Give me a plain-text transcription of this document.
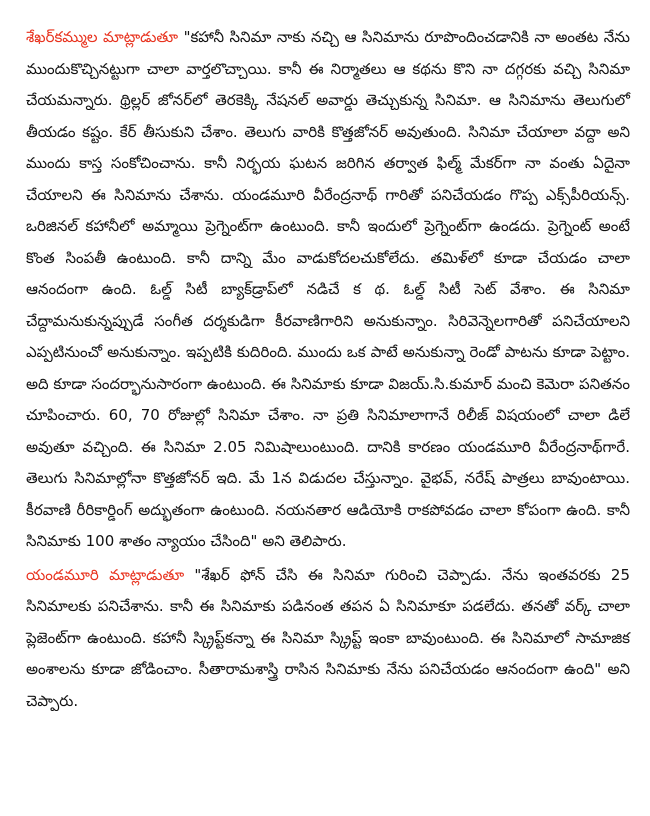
శేఖర్‌కమ్ముల మాట్లాడుతూ "కహానీ సినిమా నాకు నచ్చి ఆ సినిమాను రూపొందించడానికి నా అంతట నేను ముందుకొచ్చినట్టుగా చాలా వార్తలొచ్చాయి. కానీ ఈ నిర్మాతలు ఆ కథను కొని నా దగ్గరకు వచ్చి సినిమా చేయమన్నారు. థ్రిల్లర్ జోనర్‌లో తెరకెక్కి నేషనల్ అవార్డు తెచ్చుకున్న సినిమా. ఆ సినిమాను తెలుగులో తీయడం కష్టం. కేర్ తీసుకుని చేశాం. తెలుగు వారికి కొత్తజోనర్ అవుతుంది. సినిమా చేయాలా వద్దా అని ముందు కాస్త సంకోచించాను. కానీ నిర్భయ ఘటన జరిగిన తర్వాత ఫిల్మ్ మేకర్‌గా నా వంతు ఏదైనా చేయాలని ఈ సినిమాను చేశాను. యండమూరి వీరేంద్రనాథ్ గారితో పనిచేయడం గొప్ప ఎక్స్‌పీరియన్స్. ఒరిజినల్ కహానీలో అమ్మాయి ప్రెగ్నెంట్‌గా ఉంటుంది. కానీ ఇందులో ప్రెగ్నెంట్‌గా ఉండదు. ప్రెగ్నెంట్ అంటే కొంత సింపతీ ఉంటుంది. కానీ దాన్ని మేం వాడుకోదలచుకోలేదు. తమిళ్‌లో కూడా చేయడం చాలా ఆనందంగా ఉంది. ఓల్డ్ సిటీ బ్యాక్‌డ్రాప్‌లో నడిచే క థ. ఓల్డ్ సిటీ సెట్ వేశాం. ఈ సినిమా చేద్దామనుకున్నప్పుడే సంగీత దర్శకుడిగా కీరవాణిగారిని అనుకున్నాం. సిరివెన్నెలగారితో పనిచేయాలని ఎప్పటినుంచో అనుకున్నాం. ఇప్పటికి కుదిరింది. ముందు ఒక పాటే అనుకున్నా రెండో పాటను కూడా పెట్టాం. అది కూడా సందర్భానుసారంగా ఉంటుంది. ఈ సినిమాకు కూడా విజయ్.సి.కుమార్ మంచి కెమెరా పనితనం చూపించారు. 60, 70 రోజుల్లో సినిమా చేశాం. నా ప్రతి సినిమాలాగానే రిలీజ్ విషయంలో చాలా డిలే అవుతూ వచ్చింది. ఈ సినిమా 2.05 నిమిషాలుంటుంది. దానికి కారణం యండమూరి వీరేంద్రనాథ్‌గారే. తెలుగు సినిమాల్లోనా కొత్తజోనర్ ఇది. మే 1న విడుదల చేస్తున్నాం. వైభవ్, నరేష్ పాత్రలు బావుంటాయి. కీరవాణి రీరికార్డింగ్ అద్భుతంగా ఉంటుంది. నయనతార ఆడియోకి రాకపోవడం చాలా కోపంగా ఉంది. కానీ సినిమాకు 100 శాతం న్యాయం చేసింది" అని తెలిపారు.

యండమూరి మాట్లాడుతూ "శేఖర్ ఫోన్ చేసి ఈ సినిమా గురించి చెప్పాడు. నేను ఇంతవరకు 25 సినిమాలకు పనిచేశాను. కానీ ఈ సినిమాకు పడినంత తపన ఏ సినిమాకూ పడలేదు. తనతో వర్క్ చాలా ప్లెజెంట్‌గా ఉంటుంది. కహానీ స్క్రిప్ట్‌కన్నా ఈ సినిమా స్క్రిప్ట్ ఇంకా బావుంటుంది. ఈ సినిమాలో సామాజిక అంశాలను కూడా జోడించాం. సీతారామశాస్త్రి రాసిన సినిమాకు నేను పనిచేయడం ఆనందంగా ఉంది" అని చెప్పారు.
